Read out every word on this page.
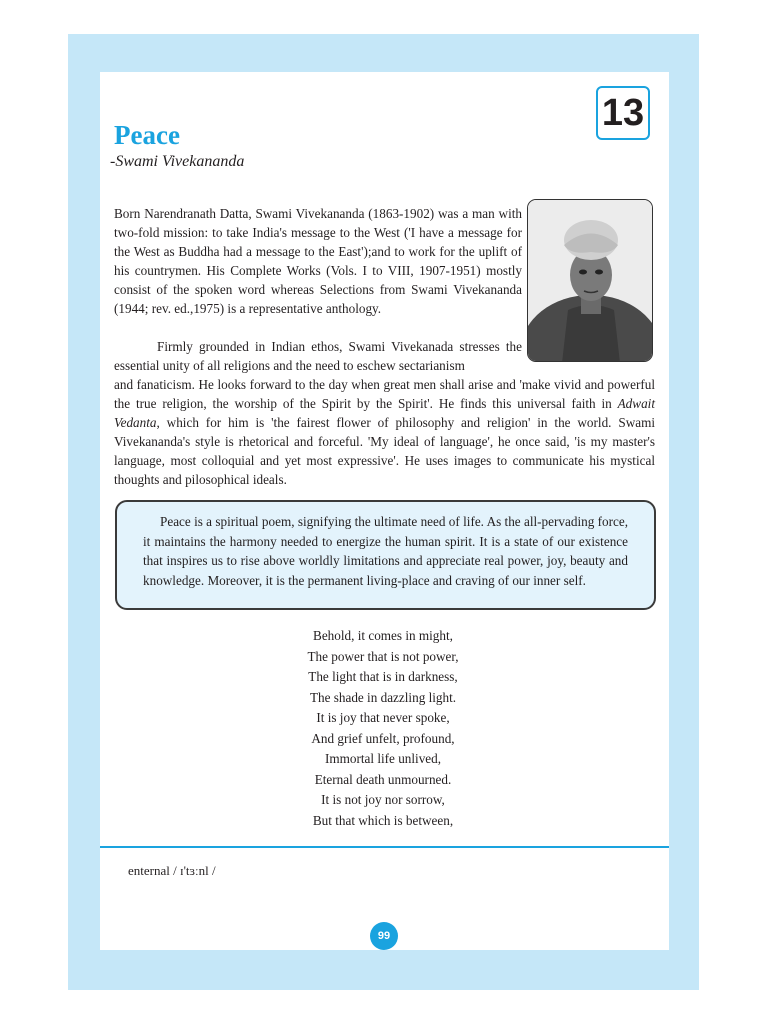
Peace
-Swami Vivekananda
13

Born Narendranath Datta, Swami Vivekananda (1863-1902) was a man with two-fold mission: to take India's message to the West ('I have a message for the West as Buddha had a message to the East');and to work for the uplift of his countrymen. His Complete Works (Vols. I to VIII, 1907-1951) mostly consist of the spoken word whereas Selections from Swami Vivekananda (1944; rev. ed.,1975) is a representative anthology.

Firmly grounded in Indian ethos, Swami Vivekanada stresses the essential unity of all religions and the need to eschew sectarianism
and fanaticism. He looks forward to the day when great men shall arise and 'make vivid and powerful the true religion, the worship of the Spirit by the Spirit'. He finds this universal faith in Adwait Vedanta, which for him is 'the fairest flower of philosophy and religion' in the world. Swami Vivekananda's style is rhetorical and forceful. 'My ideal of language', he once said, 'is my master's language, most colloquial and yet most expressive'. He uses images to communicate his mystical thoughts and pilosophical ideals.

Peace is a spiritual poem, signifying the ultimate need of life. As the all-pervading force, it maintains the harmony needed to energize the human spirit. It is a state of our existence that inspires us to rise above worldly limitations and appreciate real power, joy, beauty and knowledge. Moreover, it is the permanent living-place and craving of our inner self.

Behold, it comes in might,
The power that is not power,
The light that is in darkness,
The shade in dazzling light.
It is joy that never spoke,
And grief unfelt, profound,
Immortal life unlived,
Eternal death unmourned.
It is not joy nor sorrow,
But that which is between,
enternal / ɪ'tɜːnl /
99
